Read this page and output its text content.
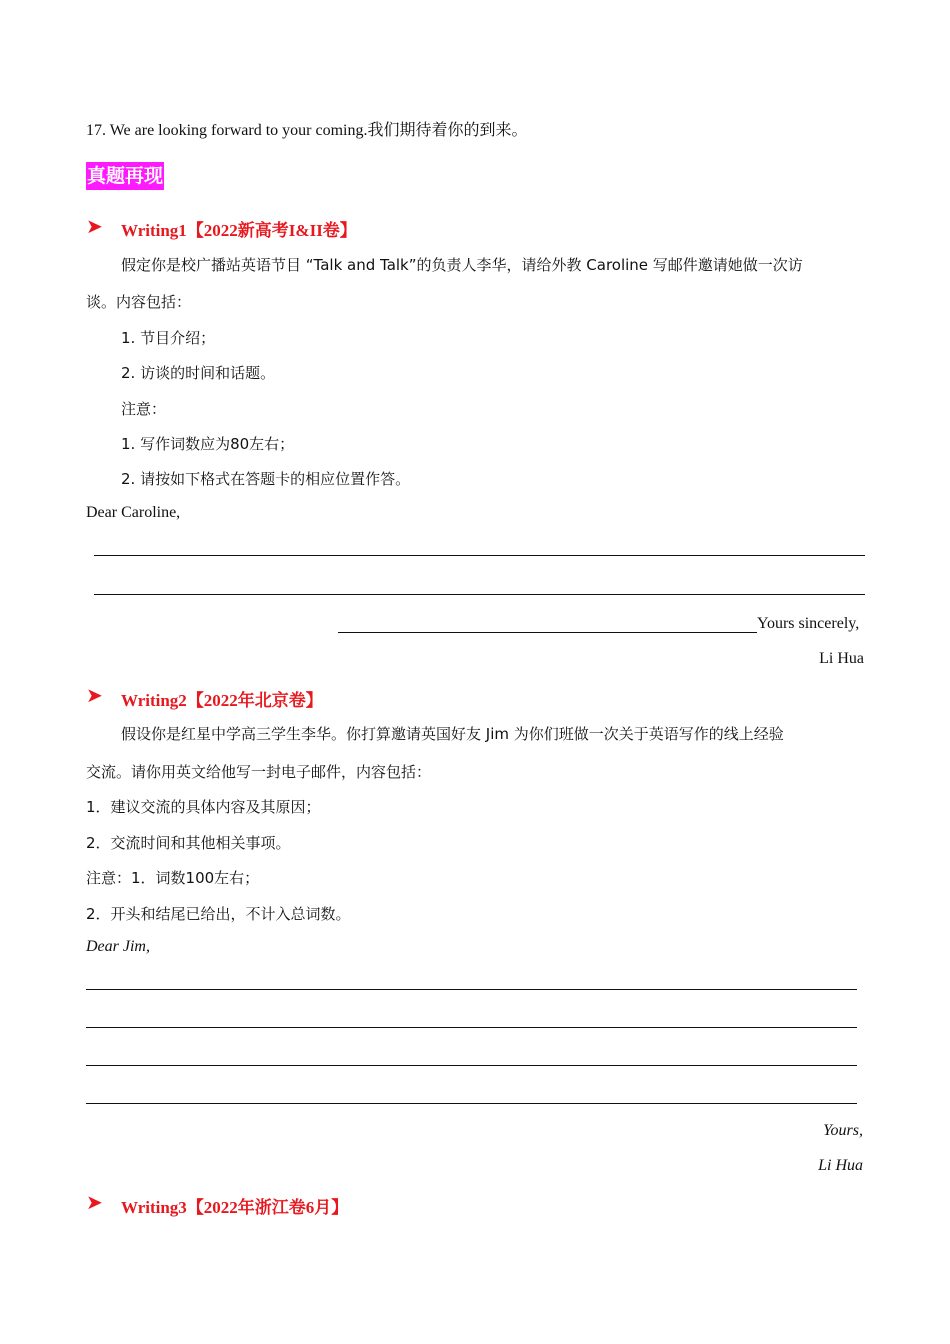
17. We are looking forward to your coming.我们期待着你的到来。
真题再现
➤ Writing1【2022新高考I&II卷】
假定你是校广播站英语节目 “Talk and Talk”的负责人李华，请给外教 Caroline 写邮件邀请她做一次访
谈。内容包括：
1. 节目介绍；
2. 访谈的时间和话题。
注意：
1. 写作词数应为80左右；
2. 请按如下格式在答题卡的相应位置作答。
Dear Caroline,
Yours sincerely,
Li Hua
➤ Writing2【2022年北京卷】
假设你是红星中学高三学生李华。你打算邀请英国好友 Jim 为你们班做一次关于英语写作的线上经验
交流。请你用英文给他写一封电子邮件，内容包括：
1．建议交流的具体内容及其原因；
2．交流时间和其他相关事项。
注意：1．词数100左右；
2．开头和结尾已给出，不计入总词数。
Dear Jim,
Yours,
Li Hua
➤ Writing3【2022年浙江卷6月】
